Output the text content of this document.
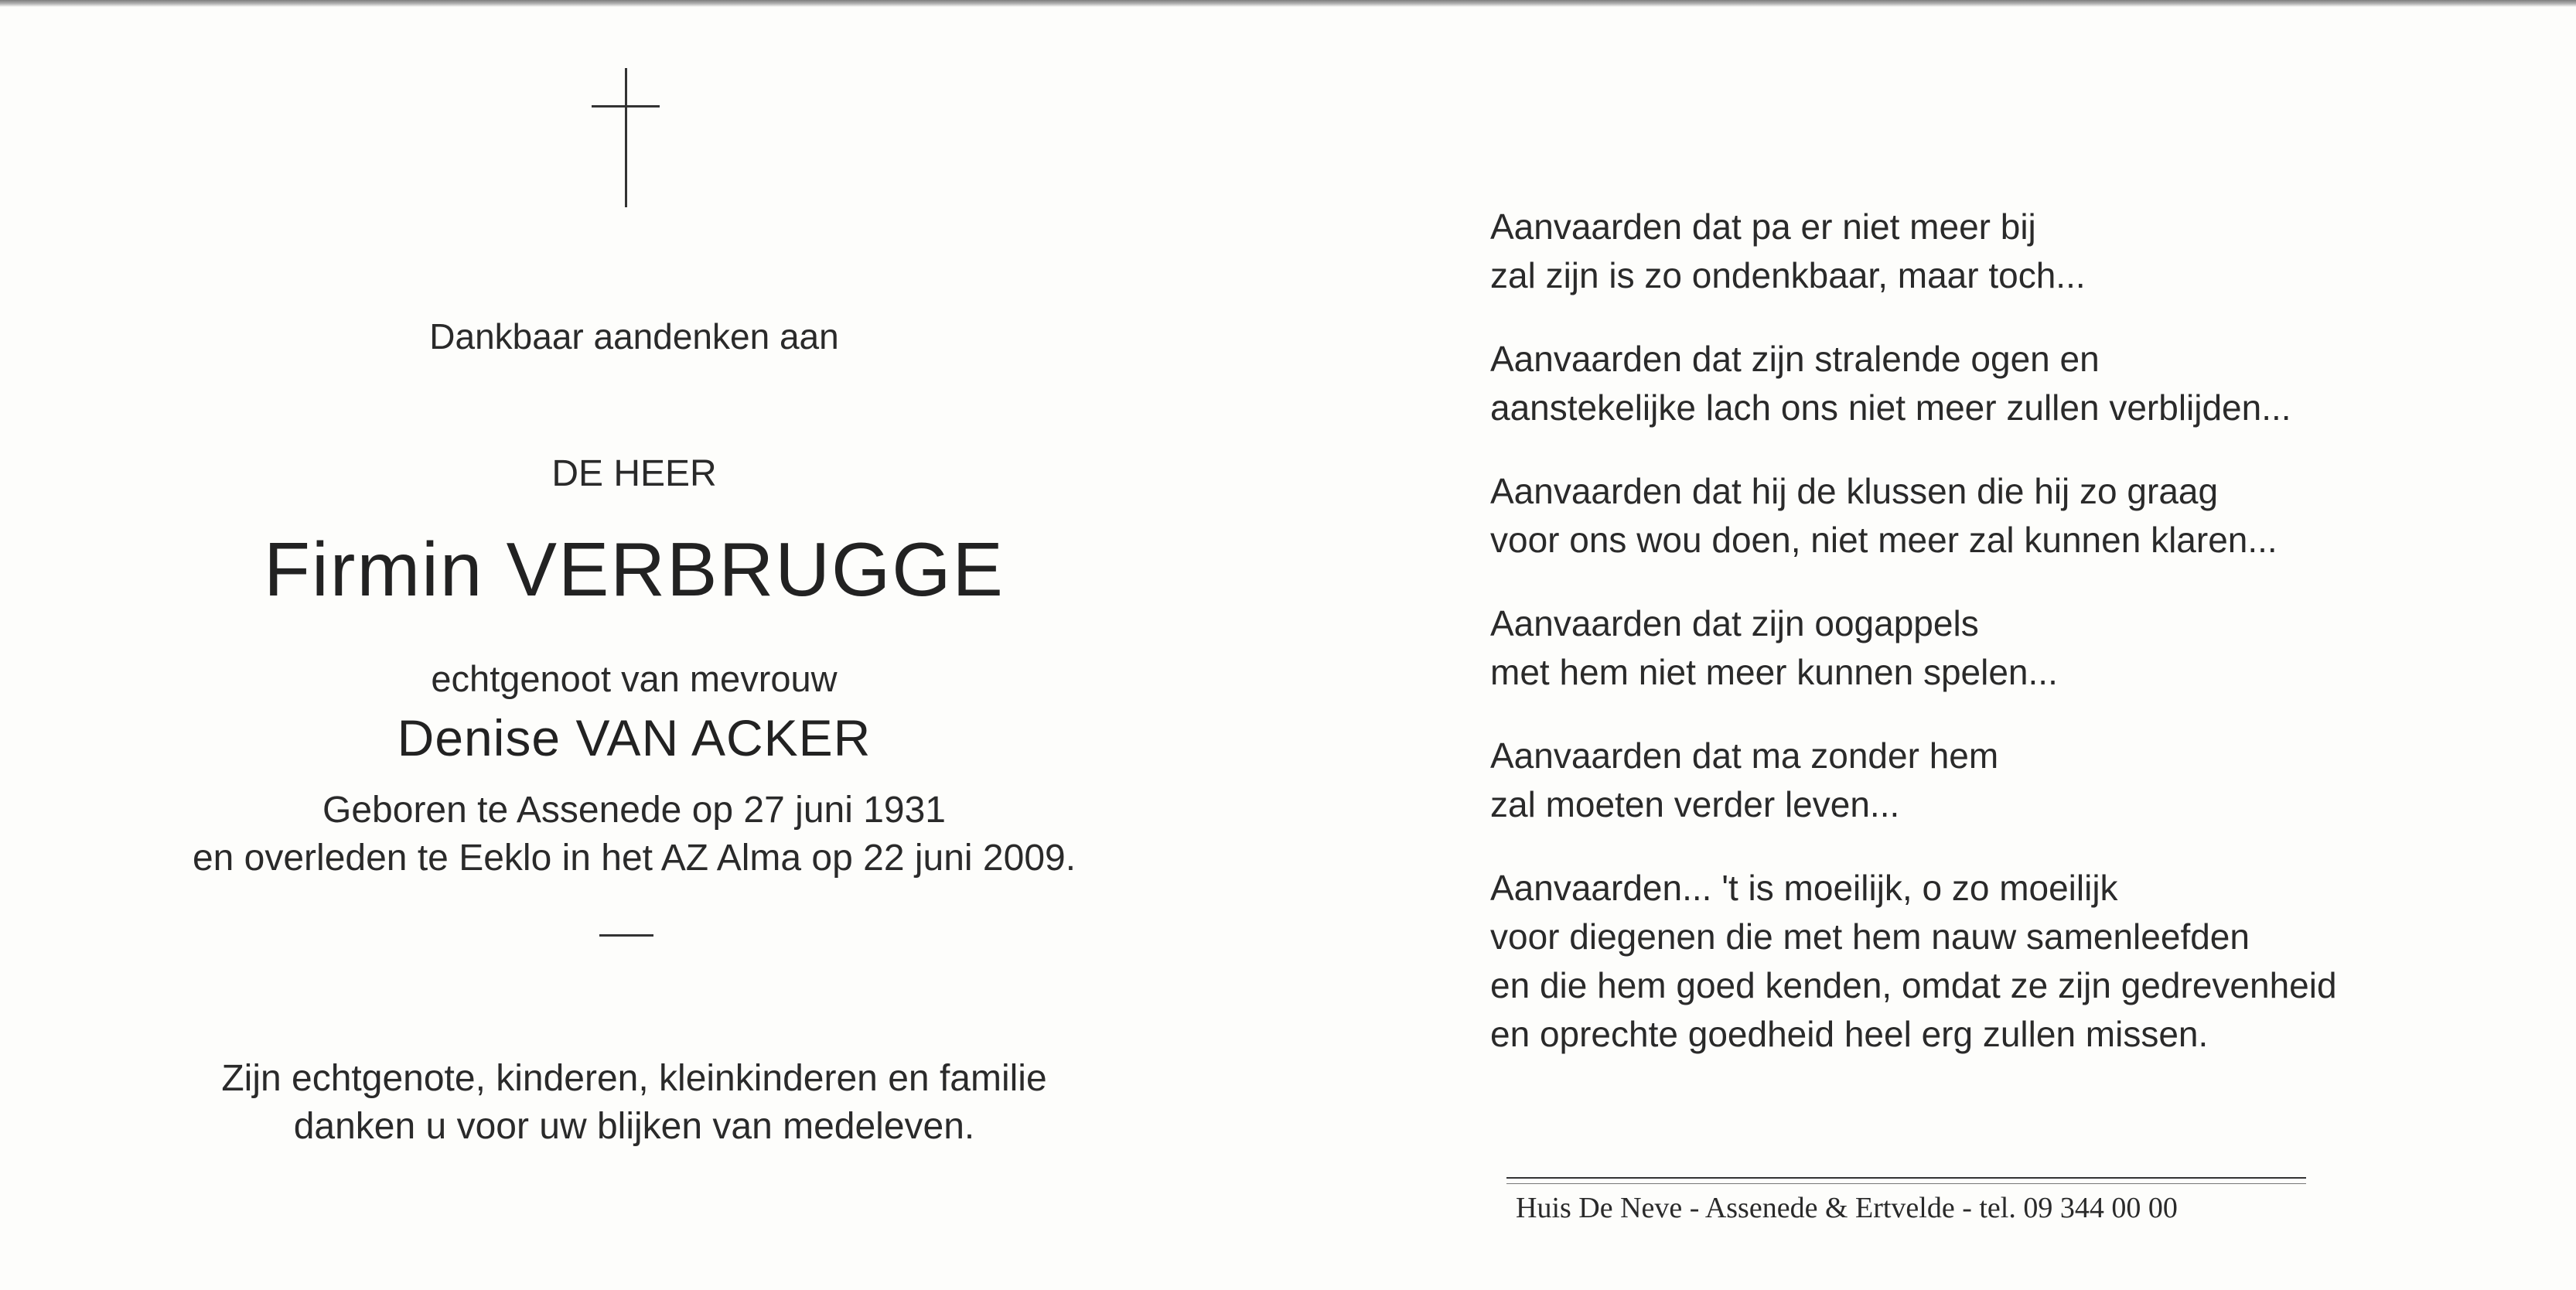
Dankbaar aandenken aan
DE HEER
Firmin VERBRUGGE
echtgenoot van mevrouw
Denise VAN ACKER
Geboren te Assenede op 27 juni 1931
en overleden te Eeklo in het AZ Alma op 22 juni 2009.
Zijn echtgenote, kinderen, kleinkinderen en familie
danken u voor uw blijken van medeleven.
Aanvaarden dat pa er niet meer bij
zal zijn is zo ondenkbaar, maar toch...
Aanvaarden dat zijn stralende ogen en
aanstekelijke lach ons niet meer zullen verblijden...
Aanvaarden dat hij de klussen die hij zo graag
voor ons wou doen, niet meer zal kunnen klaren...
Aanvaarden dat zijn oogappels
met hem niet meer kunnen spelen...
Aanvaarden dat ma zonder hem
zal moeten verder leven...
Aanvaarden... 't is moeilijk, o zo moeilijk
voor diegenen die met hem nauw samenleefden
en die hem goed kenden, omdat ze zijn gedrevenheid
en oprechte goedheid heel erg zullen missen.
Huis De Neve - Assenede & Ertvelde - tel. 09 344 00 00
